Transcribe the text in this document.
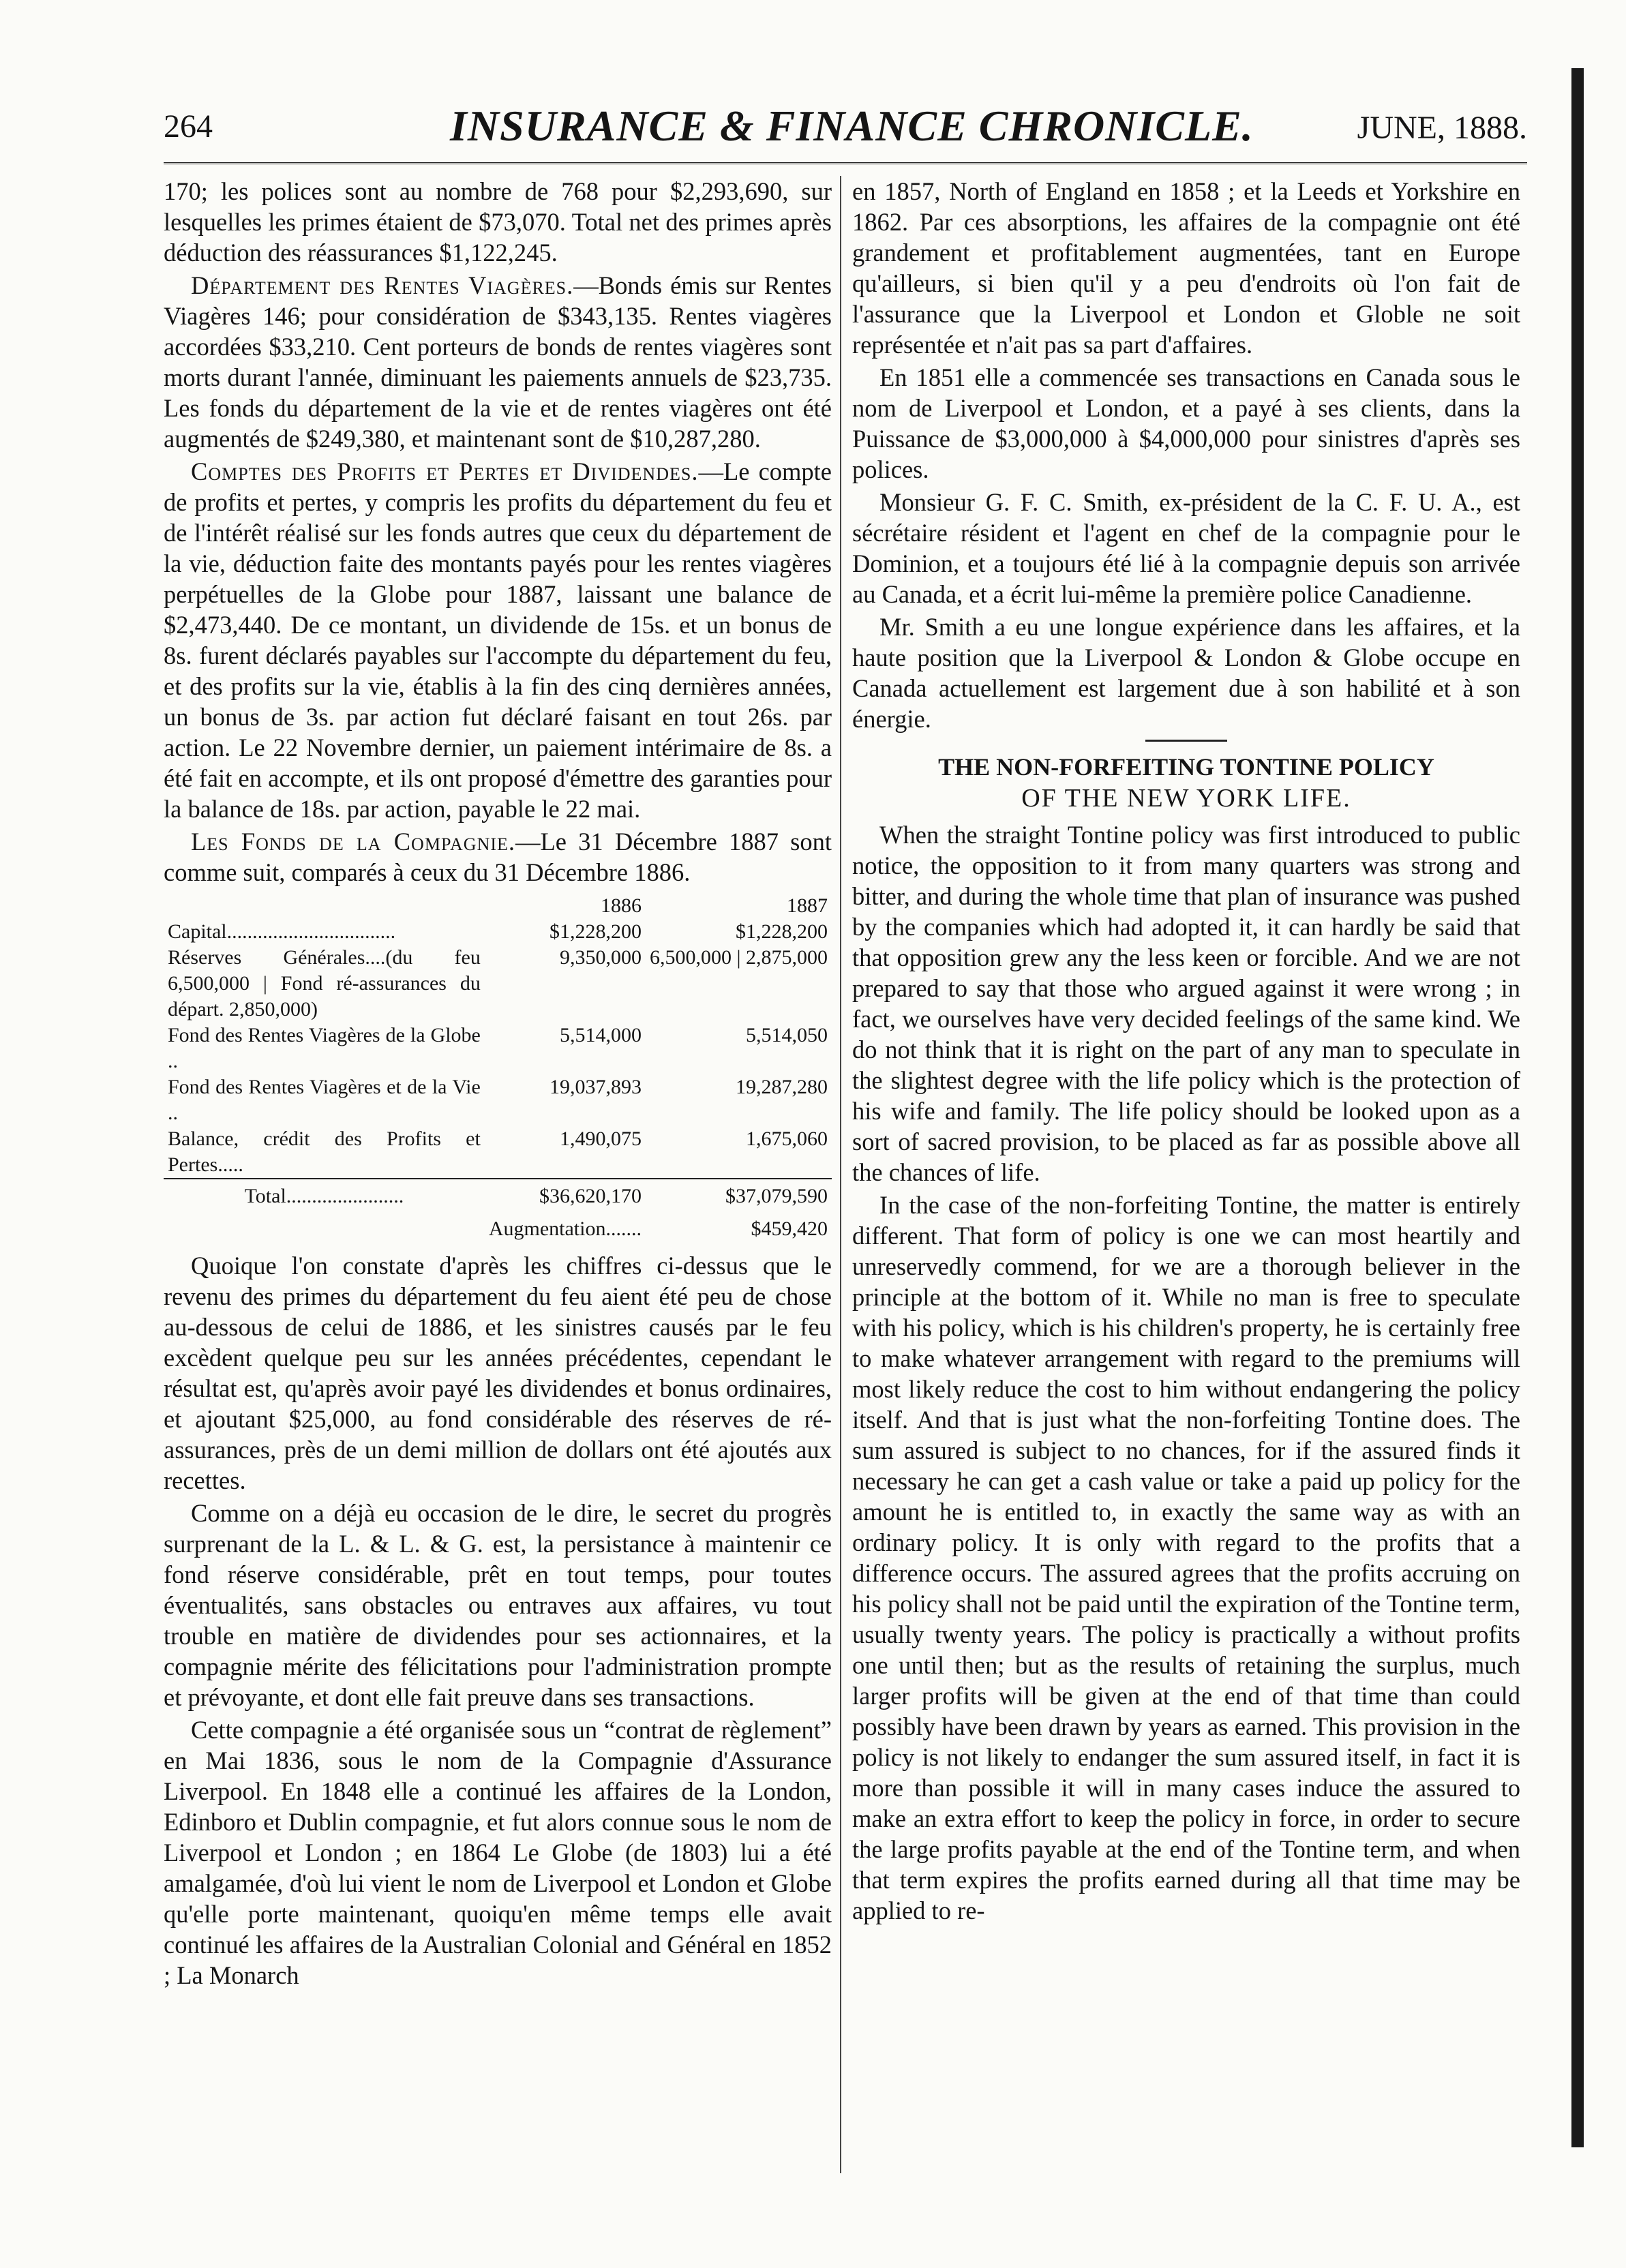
264	INSURANCE & FINANCE CHRONICLE.	JUNE, 1888.

170; les polices sont au nombre de 768 pour $2,293,690, sur lesquelles les primes étaient de $73,070. Total net des primes après déduction des réassurances $1,122,245.

Département des Rentes Viagères.—Bonds émis sur Rentes Viagères 146; pour considération de $343,135. Rentes viagères accordées $33,210. Cent porteurs de bonds de rentes viagères sont morts durant l'année, diminuant les paiements annuels de $23,735. Les fonds du département de la vie et de rentes viagères ont été augmentés de $249,380, et maintenant sont de $10,287,280.

Comptes des Profits et Pertes et Dividendes.—Le compte de profits et pertes, y compris les profits du département du feu et de l'intérêt réalisé sur les fonds autres que ceux du département de la vie, déduction faite des montants payés pour les rentes viagères perpétuelles de la Globe pour 1887, laissant une balance de $2,473,440. De ce montant, un dividende de 15s. et un bonus de 8s. furent déclarés payables sur l'accompte du département du feu, et des profits sur la vie, établis à la fin des cinq dernières années, un bonus de 3s. par action fut déclaré faisant en tout 26s. par action. Le 22 Novembre dernier, un paiement intérimaire de 8s. a été fait en accompte, et ils ont proposé d'émettre des garanties pour la balance de 18s. par action, payable le 22 mai.

Les Fonds de la Compagnie.—Le 31 Décembre 1887 sont comme suit, comparés à ceux du 31 Décembre 1886.

	1886	1887
Capital.................................	$1,228,200	$1,228,200
Réserves Générales....(du feu 6,500,000 | Fond ré-assurances du départ. 2,850,000)	9,350,000	6,500,000 | 2,875,000
Fond des Rentes Viagères de la Globe ..	5,514,000	5,514,050
Fond des Rentes Viagères et de la Vie ..	19,037,893	19,287,280
Balance, crédit des Profits et Pertes.....	1,490,075	1,675,060
Total.......................	$36,620,170	$37,079,590
	Augmentation.......	$459,420

Quoique l'on constate d'après les chiffres ci-dessus que le revenu des primes du département du feu aient été peu de chose au-dessous de celui de 1886, et les sinistres causés par le feu excèdent quelque peu sur les années précédentes, cependant le résultat est, qu'après avoir payé les dividendes et bonus ordinaires, et ajoutant $25,000, au fond considérable des réserves de ré-assurances, près de un demi million de dollars ont été ajoutés aux recettes.

Comme on a déjà eu occasion de le dire, le secret du progrès surprenant de la L. & L. & G. est, la persistance à maintenir ce fond réserve considérable, prêt en tout temps, pour toutes éventualités, sans obstacles ou entraves aux affaires, vu tout trouble en matière de dividendes pour ses actionnaires, et la compagnie mérite des félicitations pour l'administration prompte et prévoyante, et dont elle fait preuve dans ses transactions.

Cette compagnie a été organisée sous un “contrat de règlement” en Mai 1836, sous le nom de la Compagnie d'Assurance Liverpool. En 1848 elle a continué les affaires de la London, Edinboro et Dublin compagnie, et fut alors connue sous le nom de Liverpool et London ; en 1864 Le Globe (de 1803) lui a été amalgamée, d'où lui vient le nom de Liverpool et London et Globe qu'elle porte maintenant, quoiqu'en même temps elle avait continué les affaires de la Australian Colonial and Général en 1852 ; La Monarch

en 1857, North of England en 1858 ; et la Leeds et Yorkshire en 1862. Par ces absorptions, les affaires de la compagnie ont été grandement et profitablement augmentées, tant en Europe qu'ailleurs, si bien qu'il y a peu d'endroits où l'on fait de l'assurance que la Liverpool et London et Globle ne soit représentée et n'ait pas sa part d'affaires.

En 1851 elle a commencée ses transactions en Canada sous le nom de Liverpool et London, et a payé à ses clients, dans la Puissance de $3,000,000 à $4,000,000 pour sinistres d'après ses polices.

Monsieur G. F. C. Smith, ex-président de la C. F. U. A., est sécrétaire résident et l'agent en chef de la compagnie pour le Dominion, et a toujours été lié à la compagnie depuis son arrivée au Canada, et a écrit lui-même la première police Canadienne.

Mr. Smith a eu une longue expérience dans les affaires, et la haute position que la Liverpool & London & Globe occupe en Canada actuellement est largement due à son habilité et à son énergie.

THE NON-FORFEITING TONTINE POLICY
OF THE NEW YORK LIFE.

When the straight Tontine policy was first introduced to public notice, the opposition to it from many quarters was strong and bitter, and during the whole time that plan of insurance was pushed by the companies which had adopted it, it can hardly be said that that opposition grew any the less keen or forcible. And we are not prepared to say that those who argued against it were wrong ; in fact, we ourselves have very decided feelings of the same kind. We do not think that it is right on the part of any man to speculate in the slightest degree with the life policy which is the protection of his wife and family. The life policy should be looked upon as a sort of sacred provision, to be placed as far as possible above all the chances of life.

In the case of the non-forfeiting Tontine, the matter is entirely different. That form of policy is one we can most heartily and unreservedly commend, for we are a thorough believer in the principle at the bottom of it. While no man is free to speculate with his policy, which is his children's property, he is certainly free to make whatever arrangement with regard to the premiums will most likely reduce the cost to him without endangering the policy itself. And that is just what the non-forfeiting Tontine does. The sum assured is subject to no chances, for if the assured finds it necessary he can get a cash value or take a paid up policy for the amount he is entitled to, in exactly the same way as with an ordinary policy. It is only with regard to the profits that a difference occurs. The assured agrees that the profits accruing on his policy shall not be paid until the expiration of the Tontine term, usually twenty years. The policy is practically a without profits one until then; but as the results of retaining the surplus, much larger profits will be given at the end of that time than could possibly have been drawn by years as earned. This provision in the policy is not likely to endanger the sum assured itself, in fact it is more than possible it will in many cases induce the assured to make an extra effort to keep the policy in force, in order to secure the large profits payable at the end of the Tontine term, and when that term expires the profits earned during all that time may be applied to re-
